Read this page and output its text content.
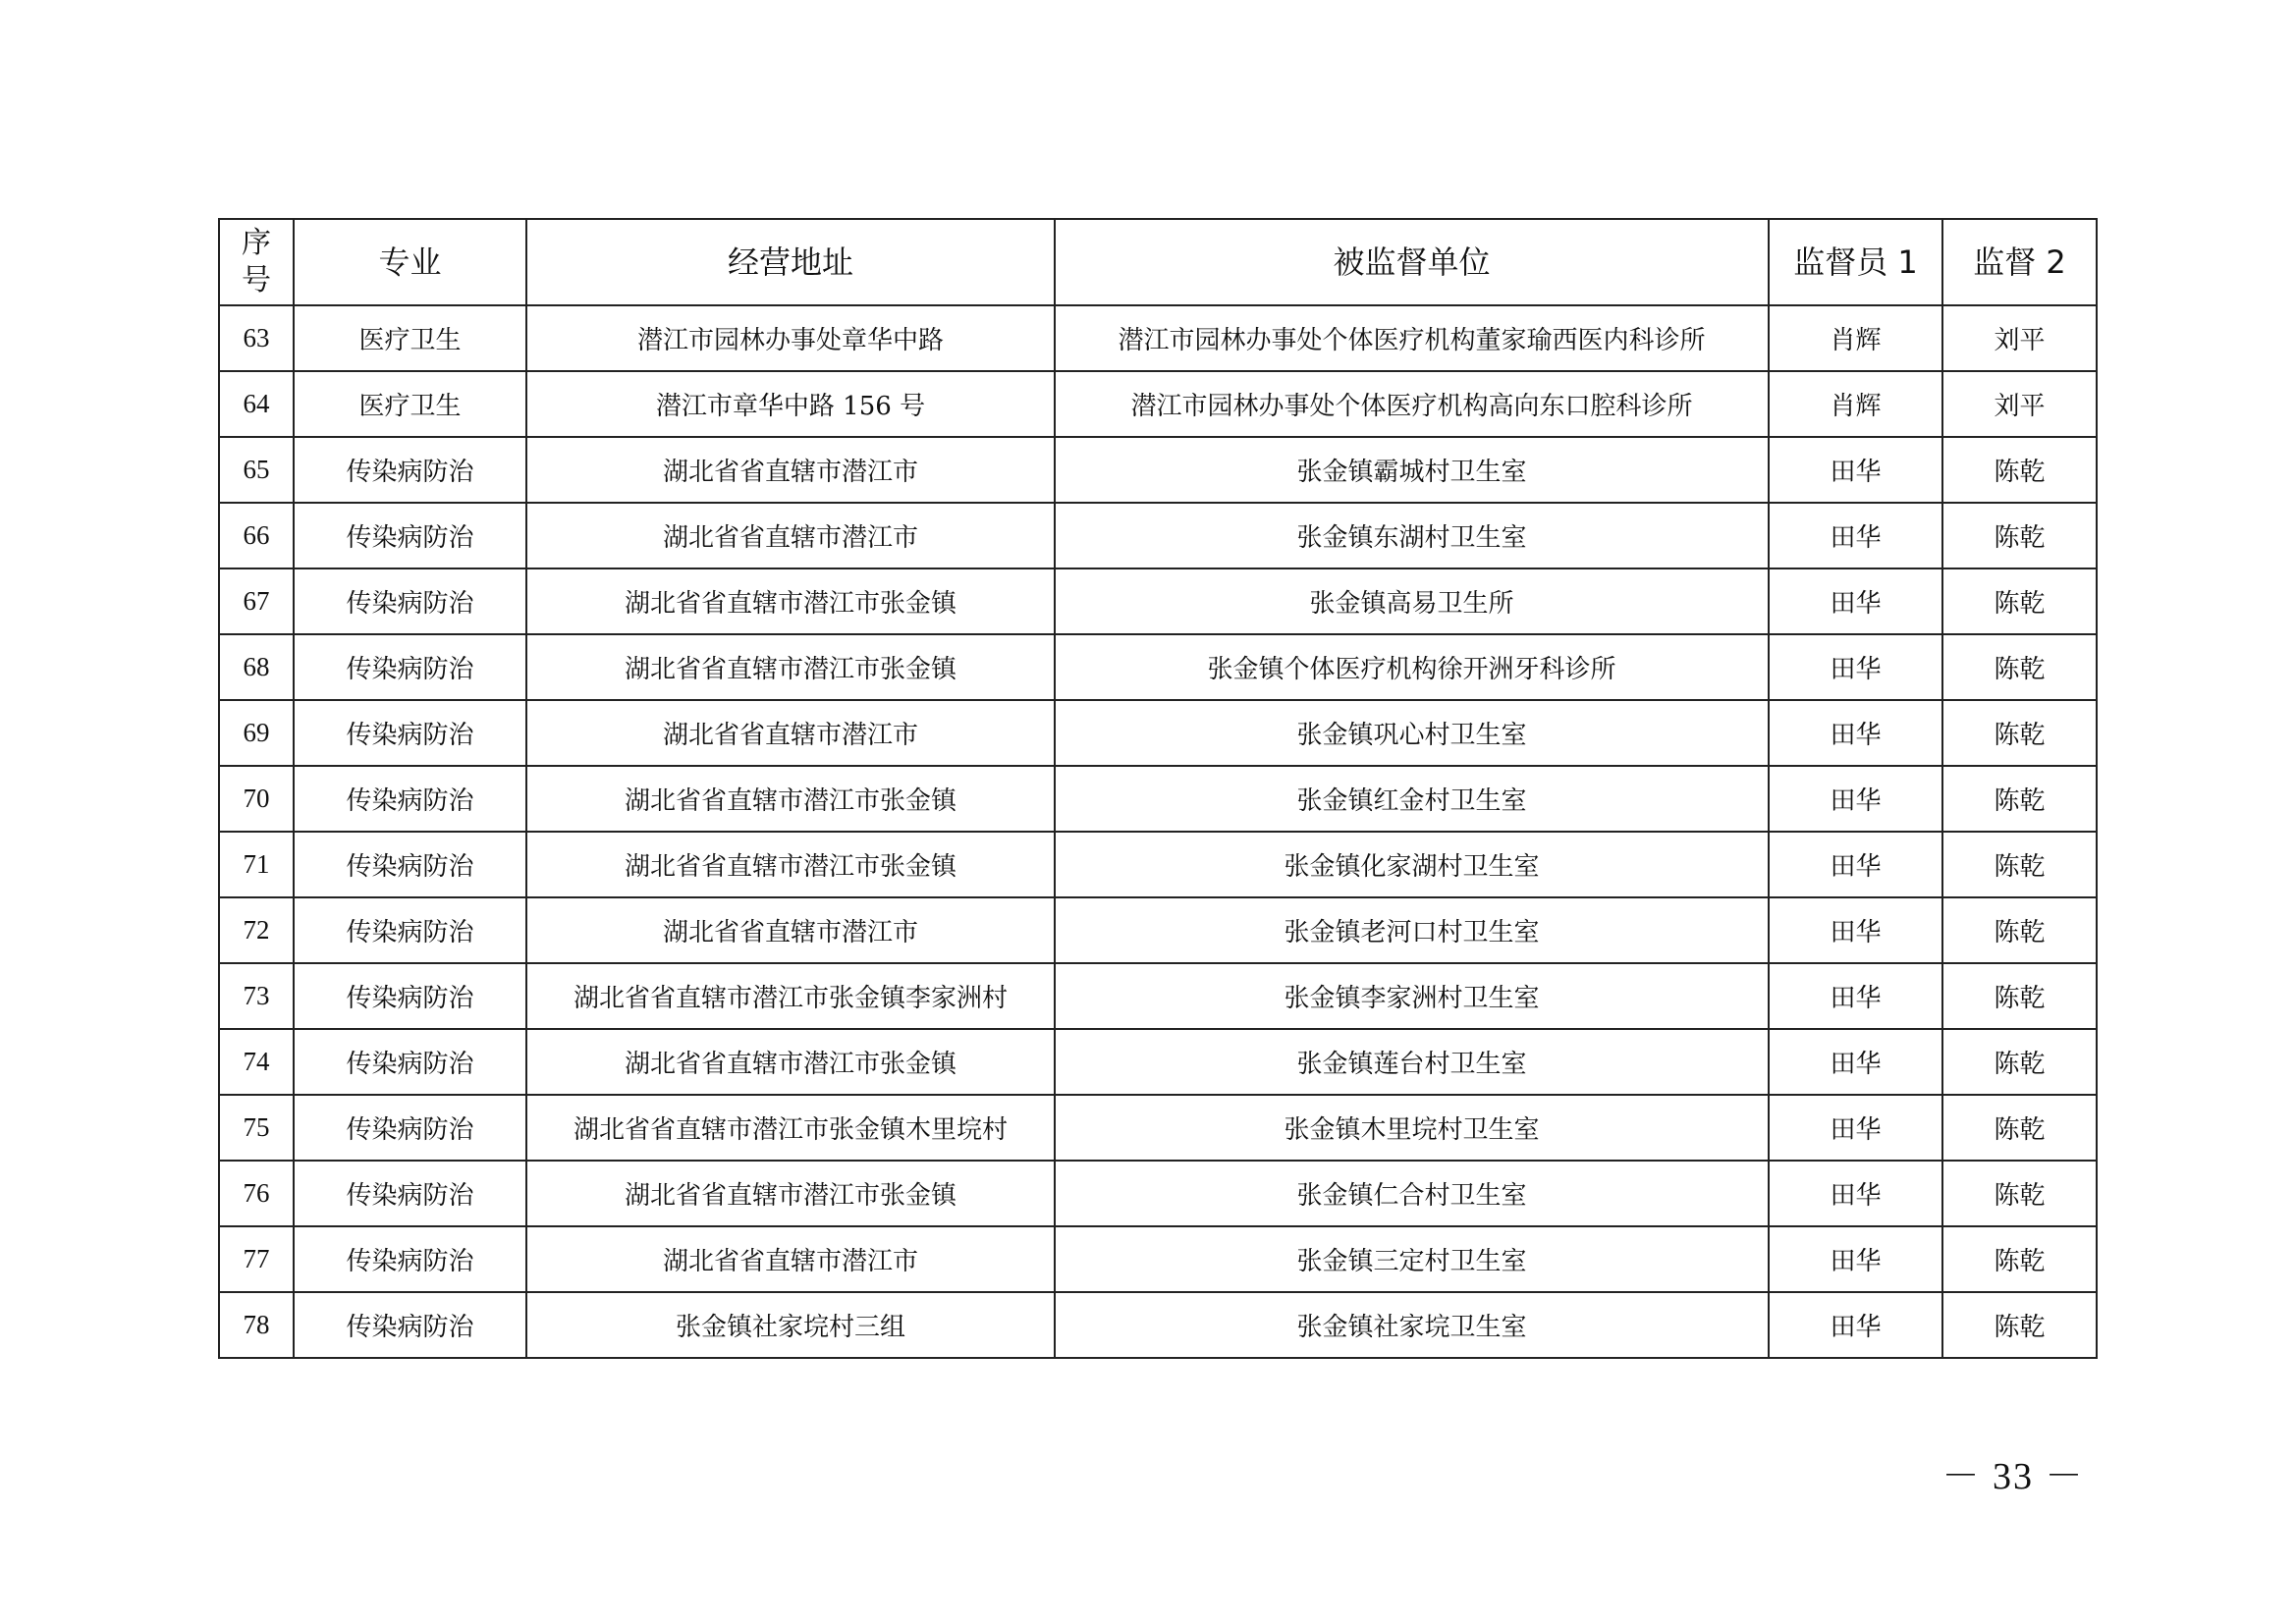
序
号	专业	经营地址	被监督单位	监督员 1	监督 2
63	医疗卫生	潜江市园林办事处章华中路	潜江市园林办事处个体医疗机构董家瑜西医内科诊所	肖辉	刘平
64	医疗卫生	潜江市章华中路 156 号	潜江市园林办事处个体医疗机构高向东口腔科诊所	肖辉	刘平
65	传染病防治	湖北省省直辖市潜江市	张金镇霸城村卫生室	田华	陈乾
66	传染病防治	湖北省省直辖市潜江市	张金镇东湖村卫生室	田华	陈乾
67	传染病防治	湖北省省直辖市潜江市张金镇	张金镇高易卫生所	田华	陈乾
68	传染病防治	湖北省省直辖市潜江市张金镇	张金镇个体医疗机构徐开洲牙科诊所	田华	陈乾
69	传染病防治	湖北省省直辖市潜江市	张金镇巩心村卫生室	田华	陈乾
70	传染病防治	湖北省省直辖市潜江市张金镇	张金镇红金村卫生室	田华	陈乾
71	传染病防治	湖北省省直辖市潜江市张金镇	张金镇化家湖村卫生室	田华	陈乾
72	传染病防治	湖北省省直辖市潜江市	张金镇老河口村卫生室	田华	陈乾
73	传染病防治	湖北省省直辖市潜江市张金镇李家洲村	张金镇李家洲村卫生室	田华	陈乾
74	传染病防治	湖北省省直辖市潜江市张金镇	张金镇莲台村卫生室	田华	陈乾
75	传染病防治	湖北省省直辖市潜江市张金镇木里垸村	张金镇木里垸村卫生室	田华	陈乾
76	传染病防治	湖北省省直辖市潜江市张金镇	张金镇仁合村卫生室	田华	陈乾
77	传染病防治	湖北省省直辖市潜江市	张金镇三定村卫生室	田华	陈乾
78	传染病防治	张金镇社家垸村三组	张金镇社家垸卫生室	田华	陈乾
－ 33 －
